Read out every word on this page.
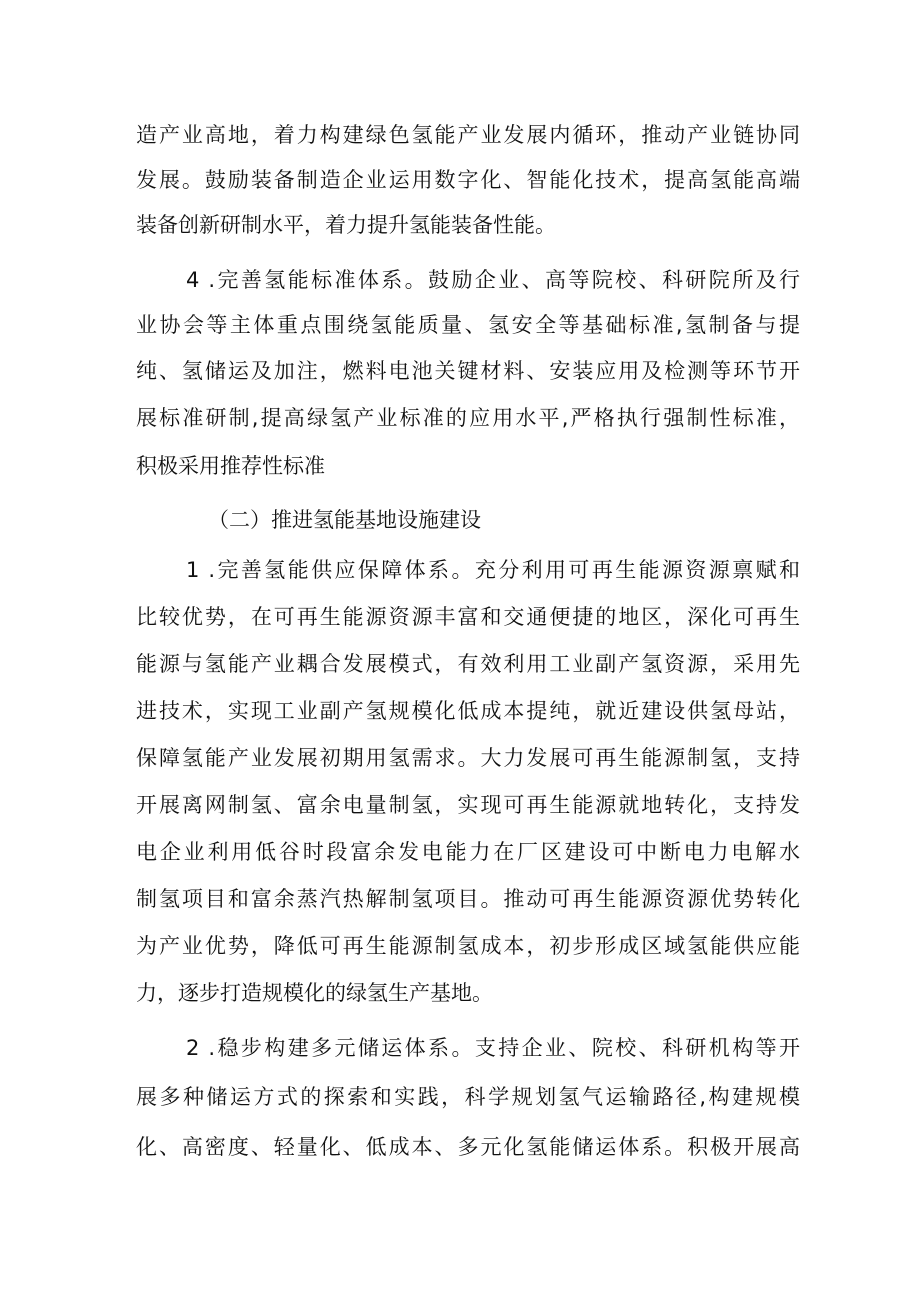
造产业高地，着力构建绿色氢能产业发展内循环，推动产业链协同
发展。鼓励装备制造企业运用数字化、智能化技术，提高氢能高端
装备创新研制水平，着力提升氢能装备性能。
4 .完善氢能标准体系。鼓励企业、高等院校、科研院所及行
业协会等主体重点围绕氢能质量、氢安全等基础标准,氢制备与提
纯、氢储运及加注，燃料电池关键材料、安装应用及检测等环节开
展标准研制,提高绿氢产业标准的应用水平,严格执行强制性标准，
积极采用推荐性标准
（二）推进氢能基地设施建设
1 .完善氢能供应保障体系。充分利用可再生能源资源禀赋和
比较优势，在可再生能源资源丰富和交通便捷的地区，深化可再生
能源与氢能产业耦合发展模式，有效利用工业副产氢资源，采用先
进技术，实现工业副产氢规模化低成本提纯，就近建设供氢母站，
保障氢能产业发展初期用氢需求。大力发展可再生能源制氢，支持
开展离网制氢、富余电量制氢，实现可再生能源就地转化，支持发
电企业利用低谷时段富余发电能力在厂区建设可中断电力电解水
制氢项目和富余蒸汽热解制氢项目。推动可再生能源资源优势转化
为产业优势，降低可再生能源制氢成本，初步形成区域氢能供应能
力，逐步打造规模化的绿氢生产基地。
2 .稳步构建多元储运体系。支持企业、院校、科研机构等开
展多种储运方式的探索和实践，科学规划氢气运输路径,构建规模
化、高密度、轻量化、低成本、多元化氢能储运体系。积极开展高
